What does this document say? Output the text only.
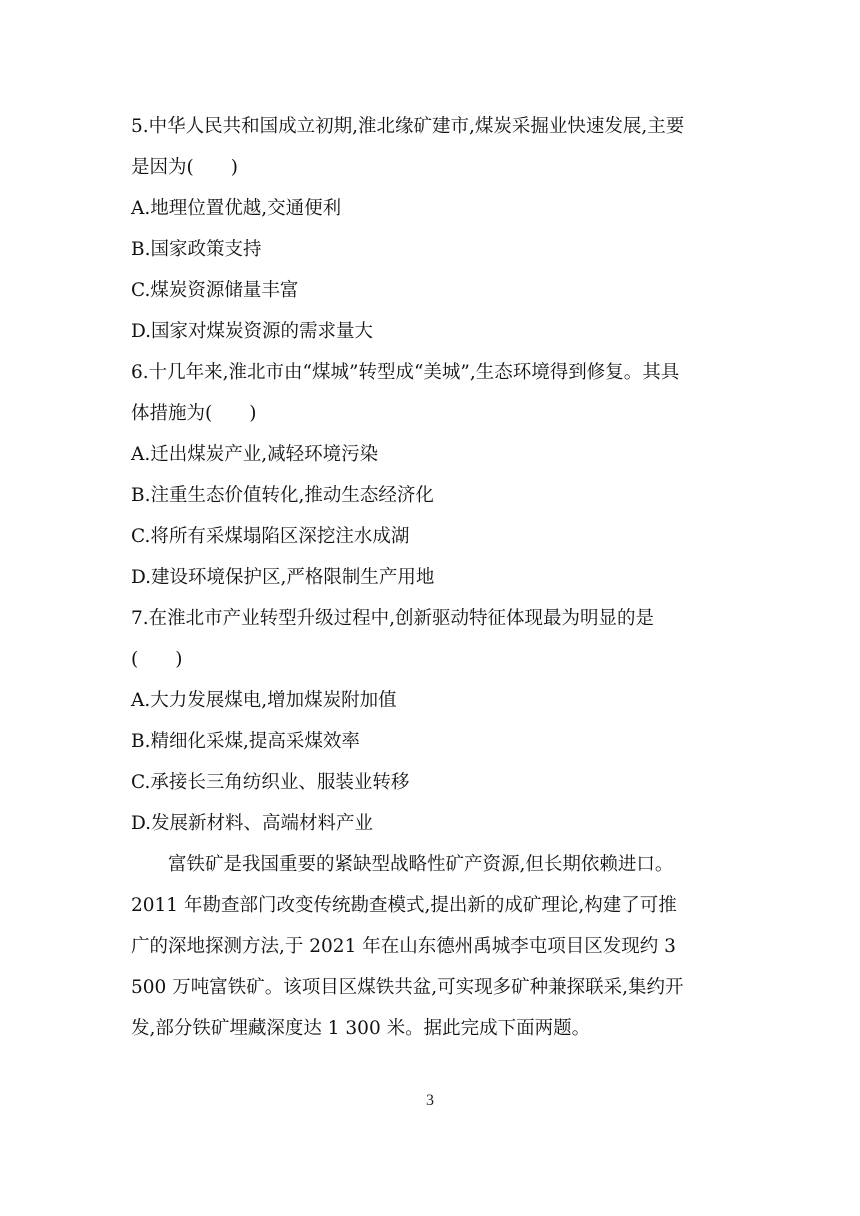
5.中华人民共和国成立初期,淮北缘矿建市,煤炭采掘业快速发展,主要
是因为(　　)
A.地理位置优越,交通便利
B.国家政策支持
C.煤炭资源储量丰富
D.国家对煤炭资源的需求量大
6.十几年来,淮北市由“煤城”转型成“美城”,生态环境得到修复。其具
体措施为(　　)
A.迁出煤炭产业,减轻环境污染
B.注重生态价值转化,推动生态经济化
C.将所有采煤塌陷区深挖注水成湖
D.建设环境保护区,严格限制生产用地
7.在淮北市产业转型升级过程中,创新驱动特征体现最为明显的是
(　　)
A.大力发展煤电,增加煤炭附加值
B.精细化采煤,提高采煤效率
C.承接长三角纺织业、服装业转移
D.发展新材料、高端材料产业
富铁矿是我国重要的紧缺型战略性矿产资源,但长期依赖进口。
2011 年勘查部门改变传统勘查模式,提出新的成矿理论,构建了可推
广的深地探测方法,于 2021 年在山东德州禹城李屯项目区发现约 3
500 万吨富铁矿。该项目区煤铁共盆,可实现多矿种兼探联采,集约开
发,部分铁矿埋藏深度达 1 300 米。据此完成下面两题。
3
